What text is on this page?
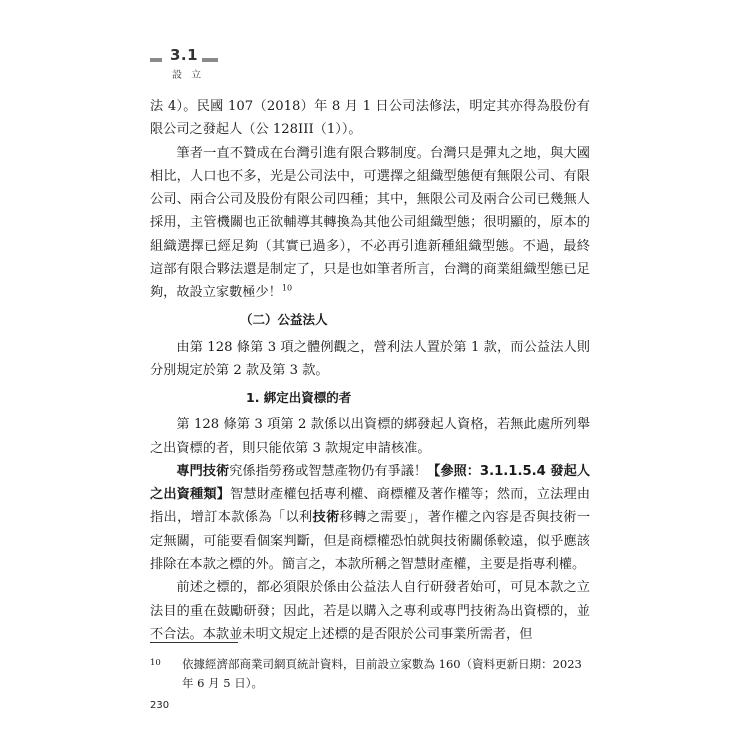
3.1
設 立

法 4）。民國 107（2018）年 8 月 1 日公司法修法，明定其亦得為股份有限公司之發起人（公 128III（1））。

筆者一直不贊成在台灣引進有限合夥制度。台灣只是彈丸之地，與大國相比，人口也不多，光是公司法中，可選擇之組織型態便有無限公司、有限公司、兩合公司及股份有限公司四種；其中，無限公司及兩合公司已幾無人採用，主管機關也正欲輔導其轉換為其他公司組織型態；很明顯的，原本的組織選擇已經足夠（其實已過多），不必再引進新種組織型態。不過，最終這部有限合夥法還是制定了，只是也如筆者所言，台灣的商業組織型態已足夠，故設立家數極少！$^{10}$

（二）公益法人

由第 128 條第 3 項之體例觀之，營利法人置於第 1 款，而公益法人則分別規定於第 2 款及第 3 款。

1. 綁定出資標的者

第 128 條第 3 項第 2 款係以出資標的綁發起人資格，若無此處所列舉之出資標的者，則只能依第 3 款規定申請核准。

專門技術究係指勞務或智慧產物仍有爭議！【參照：3.1.1.5.4 發起人之出資種類】智慧財產權包括專利權、商標權及著作權等；然而，立法理由指出，增訂本款係為「以利技術移轉之需要」，著作權之內容是否與技術一定無關，可能要看個案判斷，但是商標權恐怕就與技術關係較遠，似乎應該排除在本款之標的外。簡言之，本款所稱之智慧財產權，主要是指專利權。

前述之標的，都必須限於係由公益法人自行研發者始可，可見本款之立法目的重在鼓勵研發；因此，若是以購入之專利或專門技術為出資標的，並不合法。本款並未明文規定上述標的是否限於公司事業所需者，但

10 依據經濟部商業司網頁統計資料，目前設立家數為 160（資料更新日期：2023 年 6 月 5 日）。
230
